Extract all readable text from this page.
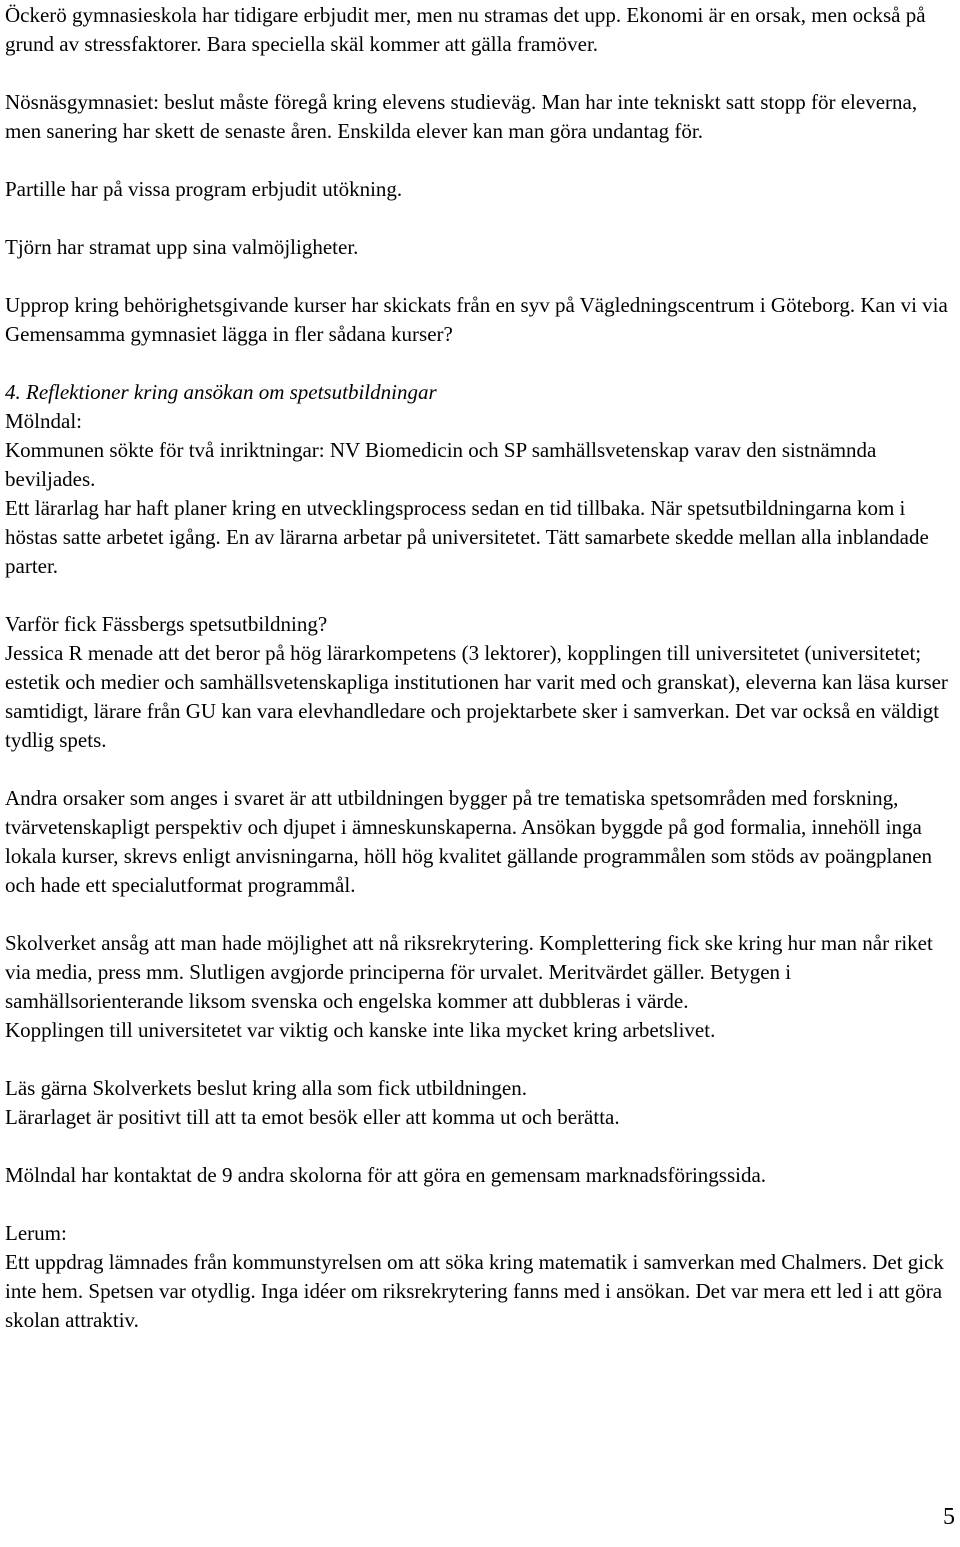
Öckerö gymnasieskola har tidigare erbjudit mer, men nu stramas det upp. Ekonomi är en orsak, men också på grund av stressfaktorer. Bara speciella skäl kommer att gälla framöver.

Nösnäsgymnasiet: beslut måste föregå kring elevens studieväg. Man har inte tekniskt satt stopp för eleverna, men sanering har skett de senaste åren. Enskilda elever kan man göra undantag för.

Partille har på vissa program erbjudit utökning.

Tjörn har stramat upp sina valmöjligheter.

Upprop kring behörighetsgivande kurser har skickats från en syv på Vägledningscentrum i Göteborg. Kan vi via Gemensamma gymnasiet lägga in fler sådana kurser?

4. Reflektioner kring ansökan om spetsutbildningar

Mölndal:

Kommunen sökte för två inriktningar: NV Biomedicin och SP samhällsvetenskap varav den sistnämnda beviljades.

Ett lärarlag har haft planer kring en utvecklingsprocess sedan en tid tillbaka. När spetsutbildningarna kom i höstas satte arbetet igång. En av lärarna arbetar på universitetet. Tätt samarbete skedde mellan alla inblandade parter.

Varför fick Fässbergs spetsutbildning?

Jessica R menade att det beror på hög lärarkompetens (3 lektorer), kopplingen till universitetet (universitetet; estetik och medier och samhällsvetenskapliga institutionen har varit med och granskat), eleverna kan läsa kurser samtidigt, lärare från GU kan vara elevhandledare och projektarbete sker i samverkan. Det var också en väldigt tydlig spets.

Andra orsaker som anges i svaret är att utbildningen bygger på tre tematiska spetsområden med forskning, tvärvetenskapligt perspektiv och djupet i ämneskunskaperna. Ansökan byggde på god formalia, innehöll inga lokala kurser, skrevs enligt anvisningarna, höll hög kvalitet gällande programmålen som stöds av poängplanen och hade ett specialutformat programmål.

Skolverket ansåg att man hade möjlighet att nå riksrekrytering. Komplettering fick ske kring hur man når riket via media, press mm. Slutligen avgjorde principerna för urvalet. Meritvärdet gäller. Betygen i samhällsorienterande liksom svenska och engelska kommer att dubbleras i värde.

Kopplingen till universitetet var viktig och kanske inte lika mycket kring arbetslivet.

Läs gärna Skolverkets beslut kring alla som fick utbildningen.

Lärarlaget är positivt till att ta emot besök eller att komma ut och berätta.

Mölndal har kontaktat de 9 andra skolorna för att göra en gemensam marknadsföringssida.

Lerum:

Ett uppdrag lämnades från kommunstyrelsen om att söka kring matematik i samverkan med Chalmers. Det gick inte hem. Spetsen var otydlig. Inga idéer om riksrekrytering fanns med i ansökan. Det var mera ett led i att göra skolan attraktiv.

5
